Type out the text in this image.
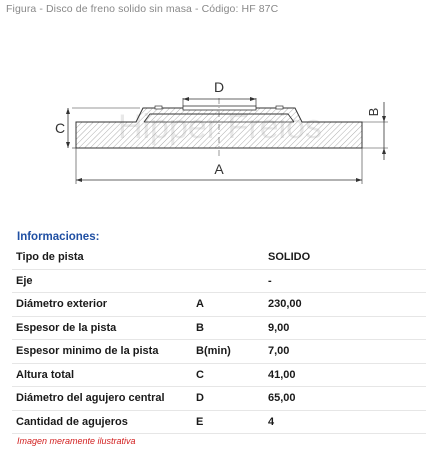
Figura - Disco de freno solido sin masa - Código: HF 87C
D
C
B
A
Informaciones:
Tipo de pista		SOLIDO
Eje		-
Diámetro exterior	A	230,00
Espesor de la pista	B	9,00
Espesor minimo de la pista	B(min)	7,00
Altura total	C	41,00
Diámetro del agujero central	D	65,00
Cantidad de agujeros	E	4
Imagen meramente ilustrativa
